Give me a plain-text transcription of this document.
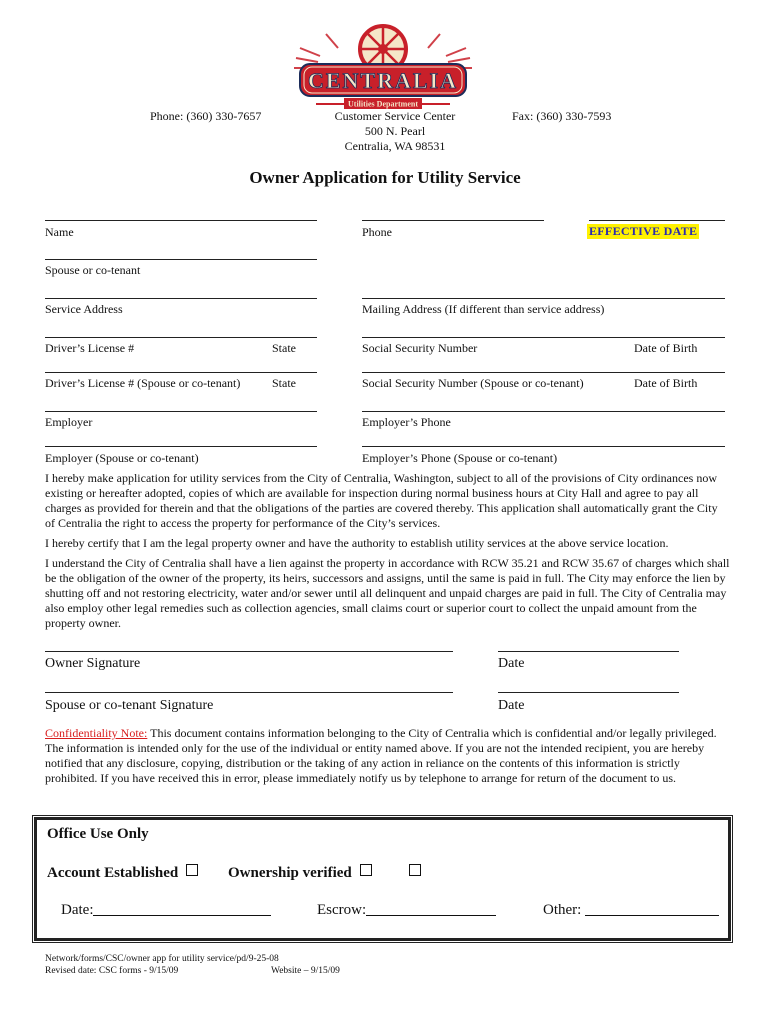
CENTRALIA
Utilities Department
Phone: (360) 330-7657	Customer Service Center
500 N. Pearl
Centralia, WA 98531
Fax: (360) 330-7593
Owner Application for Utility Service
Name	Phone	EFFECTIVE DATE
Spouse or co-tenant
Service Address	Mailing Address (If different than service address)
Driver’s License #	State	Social Security Number	Date of Birth
Driver’s License # (Spouse or co-tenant)	State	Social Security Number (Spouse or co-tenant)	Date of Birth
Employer	Employer’s Phone
Employer (Spouse or co-tenant)	Employer’s Phone (Spouse or co-tenant)

I hereby make application for utility services from the City of Centralia, Washington, subject to all of the provisions of City ordinances now existing or hereafter adopted, copies of which are available for inspection during normal business hours at City Hall and agree to pay all charges as provided for therein and that the obligations of the parties are covered thereby. This application shall automatically grant the City of Centralia the right to access the property for performance of the City’s services.

I hereby certify that I am the legal property owner and have the authority to establish utility services at the above service location.

I understand the City of Centralia shall have a lien against the property in accordance with RCW 35.21 and RCW 35.67 of charges which shall be the obligation of the owner of the property, its heirs, successors and assigns, until the same is paid in full. The City may enforce the lien by shutting off and not restoring electricity, water and/or sewer until all delinquent and unpaid charges are paid in full. The City of Centralia may also employ other legal remedies such as collection agencies, small claims court or superior court to collect the unpaid amount from the property owner.

Owner Signature	Date
Spouse or co-tenant Signature	Date

Confidentiality Note: This document contains information belonging to the City of Centralia which is confidential and/or legally privileged. The information is intended only for the use of the individual or entity named above. If you are not the intended recipient, you are hereby notified that any disclosure, copying, distribution or the taking of any action in reliance on the contents of this information is strictly prohibited. If you have received this in error, please immediately notify us by telephone to arrange for return of the document to us.

Office Use Only
Account Established	Ownership verified
Date:	Escrow:	Other:
Network/forms/CSC/owner app for utility service/pd/9-25-08
Revised date: CSC forms - 9/15/09	Website – 9/15/09
